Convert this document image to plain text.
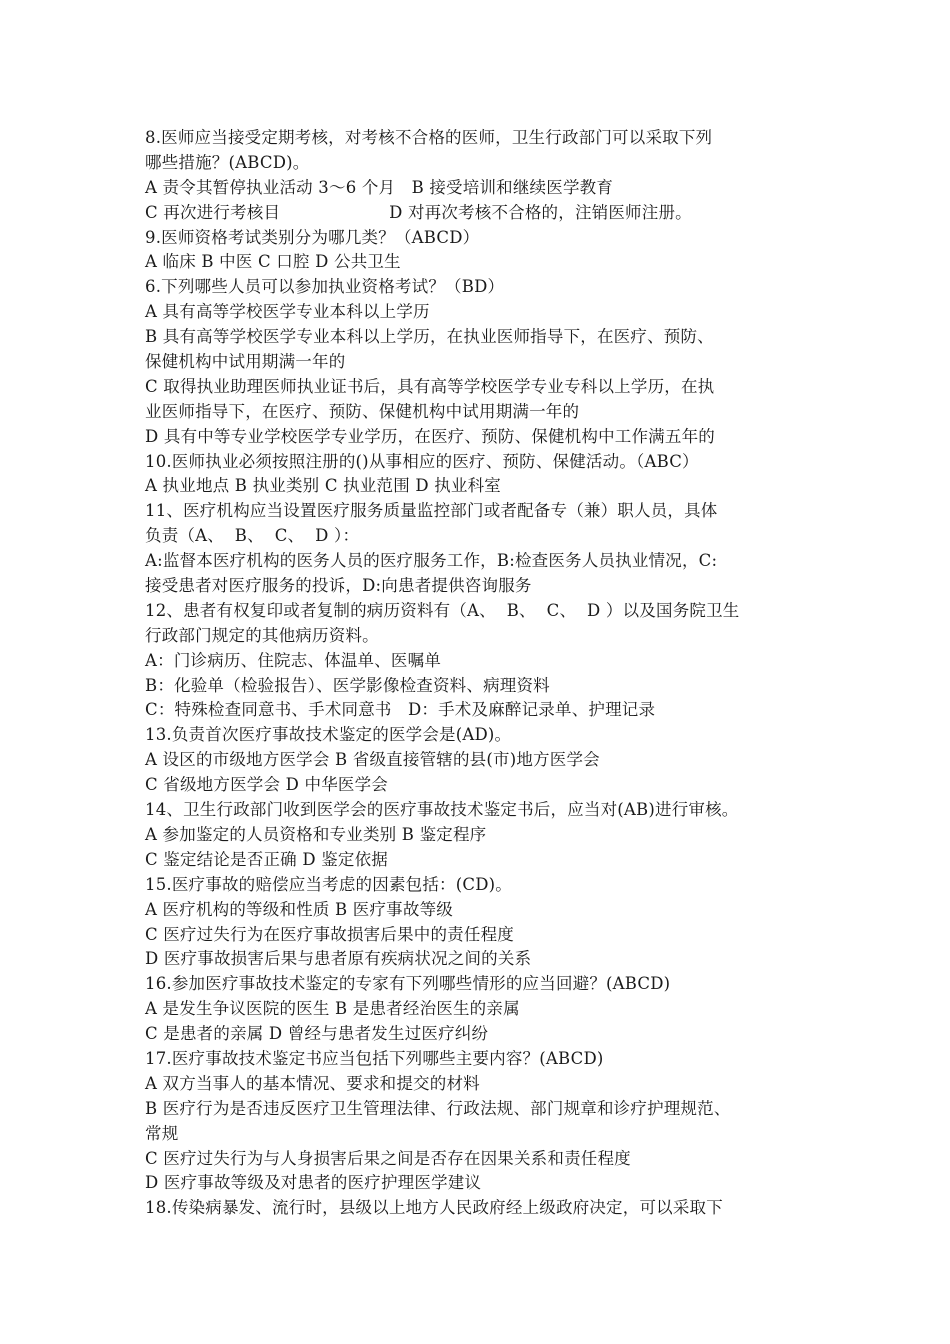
8.医师应当接受定期考核，对考核不合格的医师，卫生行政部门可以采取下列
哪些措施？(ABCD)。
A 责令其暂停执业活动 3～6 个月   B 接受培训和继续医学教育
C 再次进行考核目                    D 对再次考核不合格的，注销医师注册。
9.医师资格考试类别分为哪几类？（ABCD）
A 临床 B 中医 C 口腔 D 公共卫生
6.下列哪些人员可以参加执业资格考试？（BD）
A 具有高等学校医学专业本科以上学历
B 具有高等学校医学专业本科以上学历，在执业医师指导下，在医疗、预防、
保健机构中试用期满一年的
C 取得执业助理医师执业证书后，具有高等学校医学专业专科以上学历，在执
业医师指导下，在医疗、预防、保健机构中试用期满一年的
D 具有中等专业学校医学专业学历，在医疗、预防、保健机构中工作满五年的
10.医师执业必须按照注册的()从事相应的医疗、预防、保健活动。（ABC）
A 执业地点 B 执业类别 C 执业范围 D 执业科室
11、医疗机构应当设置医疗服务质量监控部门或者配备专（兼）职人员，具体
负责（A、  B、  C、  D ）：
A:监督本医疗机构的医务人员的医疗服务工作，B:检查医务人员执业情况，C:
接受患者对医疗服务的投诉，D:向患者提供咨询服务
12、患者有权复印或者复制的病历资料有（A、  B、  C、  D ）以及国务院卫生
行政部门规定的其他病历资料。
A：门诊病历、住院志、体温单、医嘱单
B：化验单（检验报告）、医学影像检查资料、病理资料
C：特殊检查同意书、手术同意书   D：手术及麻醉记录单、护理记录
13.负责首次医疗事故技术鉴定的医学会是(AD)。
A 设区的市级地方医学会 B 省级直接管辖的县(市)地方医学会
C 省级地方医学会 D 中华医学会
14、卫生行政部门收到医学会的医疗事故技术鉴定书后，应当对(AB)进行审核。
A 参加鉴定的人员资格和专业类别 B 鉴定程序
C 鉴定结论是否正确 D 鉴定依据
15.医疗事故的赔偿应当考虑的因素包括：(CD)。
A 医疗机构的等级和性质 B 医疗事故等级
C 医疗过失行为在医疗事故损害后果中的责任程度
D 医疗事故损害后果与患者原有疾病状况之间的关系
16.参加医疗事故技术鉴定的专家有下列哪些情形的应当回避？(ABCD)
A 是发生争议医院的医生 B 是患者经治医生的亲属
C 是患者的亲属 D 曾经与患者发生过医疗纠纷
17.医疗事故技术鉴定书应当包括下列哪些主要内容？(ABCD)
A 双方当事人的基本情况、要求和提交的材料
B 医疗行为是否违反医疗卫生管理法律、行政法规、部门规章和诊疗护理规范、
常规
C 医疗过失行为与人身损害后果之间是否存在因果关系和责任程度
D 医疗事故等级及对患者的医疗护理医学建议
18.传染病暴发、流行时，县级以上地方人民政府经上级政府决定，可以采取下
